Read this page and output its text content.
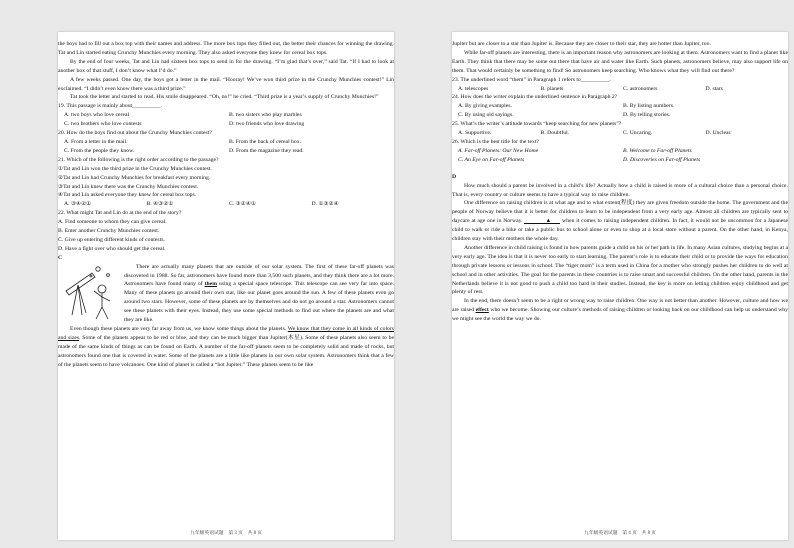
the boys had to fill out a box top with their names and address. The more box tops they filled out, the better their chances for winning the drawing. Tat and Lin started eating Crunchy Munchies every morning. They also asked everyone they knew for cereal box tops.

By the end of four weeks, Tat and Lin had sixteen box tops to send in for the drawing. “I’m glad that’s over,” said Tat. “If I had to look at another box of that stuff, I don’t know what I’d do.”

A few weeks passed. One day, the boys got a letter in the mail. “Hooray! We’ve won third prize in the Crunchy Munchies contest!” Lin exclaimed. “I didn’t even know there was a third prize.”

Tat took the letter and started to read. His smile disappeared. “Oh, no!” he cried. “Third prize is a year’s supply of Crunchy Munchies!”

19. This passage is mainly about__________.

A. two boys who love cereal	B. two sisters who play marbles
C. two brothers who love contests	D. two friends who love drawing

20. How do the boys find out about the Crunchy Munchies contest?

A. From a letter in the mail.	B. From the back of cereal box.
C. From the people they know.	D. From the magazine they read.

21. Which of the following is the right order according to the passage?

①Tat and Lin won the third prize in the Crunchy Munchies contest.

②Tat and Lin had Crunchy Munchies for breakfast every morning.

③Tat and Lin knew there was the Crunchy Munchies contest.

④Tat and Lin asked everyone they knew for cereal box tops.

A. ③④②①	B. ④③②①	C. ③②④①	D. ①③②④

22. What might Tat and Lin do at the end of the story?

A. Find someone to whom they can give cereal.

B. Enter another Crunchy Munchies contest.

C. Give up entering different kinds of contests.

D. Have a fight over who should get the cereal.

C

There are actually many planets that are outside of our solar system. The first of these far-off planets was discovered in 1988. So far, astronomers have found more than 3,500 such planets, and they think there are a lot more. Astronomers have found many of them using a special space telescope. This telescope can see very far into space. Many of these planets go around their own star, like our planet goes around the sun. A few of these planets even go around two stars. However, some of these planets are by themselves and do not go around a star. Astronomers cannot see these planets with their eyes. Instead, they use some special methods to find out where the planets are and what they are like.

Even though these planets are very far away from us, we know some things about the planets. We know that they come in all kinds of colors and sizes. Some of the planets appear to be red or blue, and they can be much bigger than Jupiter(木星). Some of these planets also seem to be made of the same kinds of things as can be found on Earth. A number of the far-off planets seem to be completely solid and made of rocks, but astronomers found one that is covered in water. Some of the planets are a little like planets in our own solar system. Astronomers think that a few of the planets seem to have volcanoes. One kind of planet is called a “hot Jupiter.” These planets seem to be like

九年级英语试题　第 3 页　共 8 页

Jupiter but are closer to a star than Jupiter is. Because they are closer to their star, they are hotter than Jupiter, too.

While far-off planets are interesting, there is an important reason why astronomers are looking at them. Astronomers want to find a planet like Earth. They think that there may be some out there that have air and water like Earth. Such planets, astronomers believe, may also support life on them. That would certainly be something to find! So astronomers keep searching. Who knows what they will find out there?

23. The underlined word “them” in Paragraph 1 refers to__________.

A. telescopes	B. planets	C. astronomers	D. stars

24. How does the writer explain the underlined sentence in Paragraph 2?

A. By giving examples.	B. By listing numbers.
C. By using old sayings.	D. By telling stories.

25. What’s the writer’s attitude towards “keep searching for new planets”?

A. Supportive.	B. Doubtful.	C. Uncaring.	D. Unclear.

26. Which is the best title for the text?

A. Far-off Planets: Our New Home	B. Welcome to Far-off Planets
C. An Eye on Far-off Planets	D. Discoveries on Far-off Planets

D

How much should a parent be involved in a child’s life? Actually how a child is raised is more of a cultural choice than a personal choice. That is, every country or culture seems to have a typical way to raise children.

One difference on raising children is at what age and to what extent(程度) they are given freedom outside the home. The government and the people of Norway believe that it is better for children to learn to be independent from a very early age. Almost all children are typically sent to daycare at age one in Norway.	▲ when it comes to raising independent children. In fact, it would not be uncommon for a Japanese child to walk or ride a bike or take a public bus to school alone or even to shop at a local store without a parent. On the other hand, in Kenya, children stay with their mothers the whole day.

Another difference in child raising is found in how parents guide a child on his or her path in life. In many Asian cultures, studying begins at a very early age. The idea is that it is never too early to start learning. The parent’s role is to educate their child or to provide the ways for education through private lessons or lessons in school. The “tiger mom” is a term used in China for a mother who strongly pushes her children to do well at school and in other activities. The goal for the parents in these countries is to raise smart and successful children. On the other hand, parents in the Netherlands believe it is not good to push a child too hard in their studies. Instead, the key is more on letting children enjoy childhood and get plenty of rest.

In the end, there doesn’t seem to be a right or wrong way to raise children. One way is not better than another. However, culture and how we are raised effect who we become. Showing our culture’s methods of raising children or looking back on our childhood can help us understand why we might see the world the way we do.

九年级英语试题　第 4 页　共 8 页
